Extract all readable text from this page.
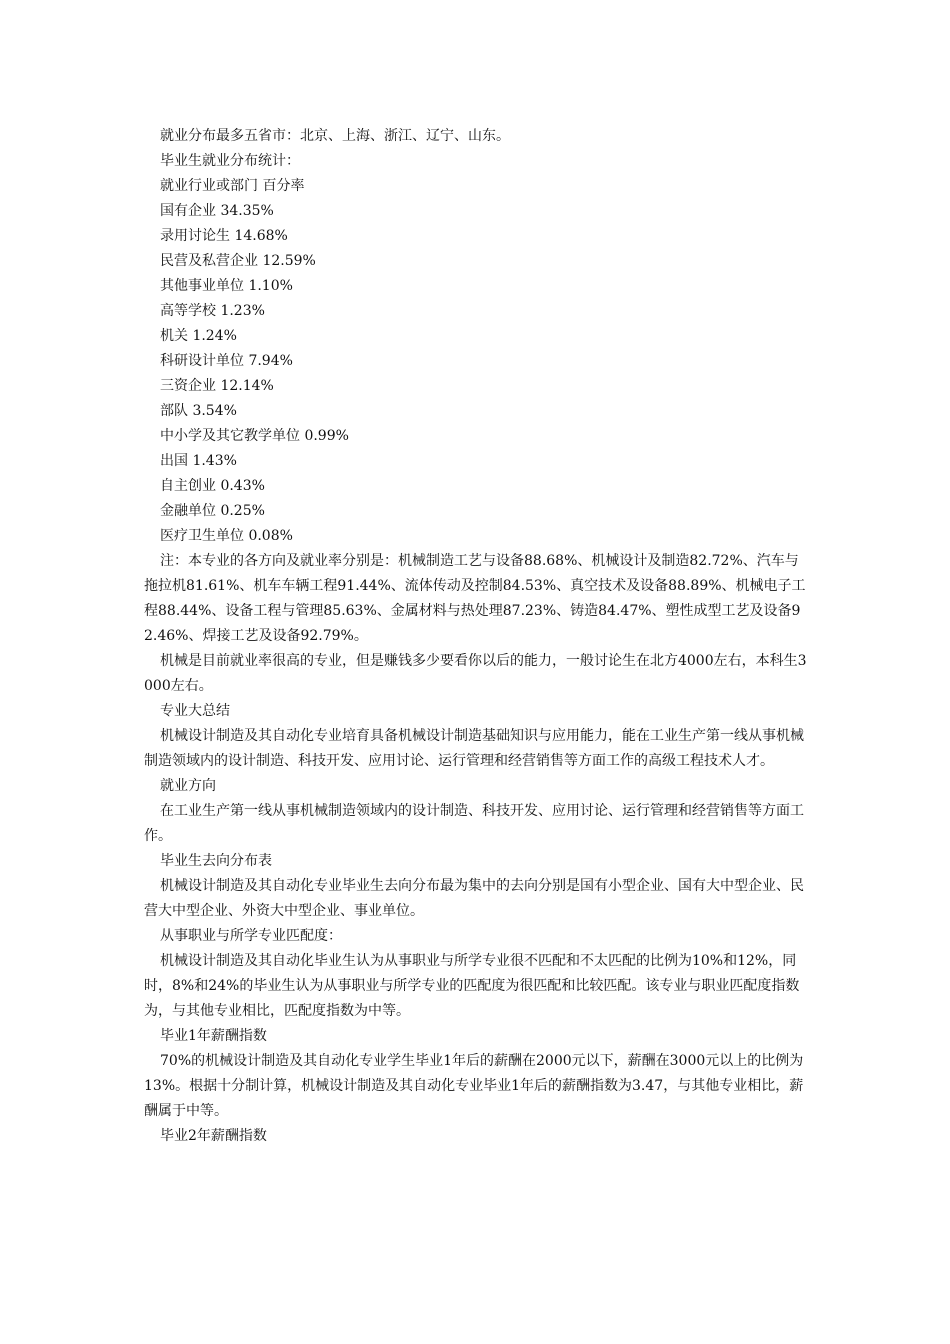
就业分布最多五省市：北京、上海、浙江、辽宁、山东。

毕业生就业分布统计：

就业行业或部门 百分率

国有企业 34.35%

录用讨论生 14.68%

民营及私营企业 12.59%

其他事业单位 1.10%

高等学校 1.23%

机关 1.24%

科研设计单位 7.94%

三资企业 12.14%

部队 3.54%

中小学及其它教学单位 0.99%

出国 1.43%

自主创业 0.43%

金融单位 0.25%

医疗卫生单位 0.08%

注：本专业的各方向及就业率分别是：机械制造工艺与设备88.68%、机械设计及制造82.72%、汽车与拖拉机81.61%、机车车辆工程91.44%、流体传动及控制84.53%、真空技术及设备88.89%、机械电子工程88.44%、设备工程与管理85.63%、金属材料与热处理87.23%、铸造84.47%、塑性成型工艺及设备92.46%、焊接工艺及设备92.79%。

机械是目前就业率很高的专业，但是赚钱多少要看你以后的能力，一般讨论生在北方4000左右，本科生3000左右。

专业大总结

机械设计制造及其自动化专业培育具备机械设计制造基础知识与应用能力，能在工业生产第一线从事机械制造领域内的设计制造、科技开发、应用讨论、运行管理和经营销售等方面工作的高级工程技术人才。

就业方向

在工业生产第一线从事机械制造领域内的设计制造、科技开发、应用讨论、运行管理和经营销售等方面工作。

毕业生去向分布表

机械设计制造及其自动化专业毕业生去向分布最为集中的去向分别是国有小型企业、国有大中型企业、民营大中型企业、外资大中型企业、事业单位。

从事职业与所学专业匹配度：

机械设计制造及其自动化毕业生认为从事职业与所学专业很不匹配和不太匹配的比例为10%和12%，同时，8%和24%的毕业生认为从事职业与所学专业的匹配度为很匹配和比较匹配。该专业与职业匹配度指数为，与其他专业相比，匹配度指数为中等。

毕业1年薪酬指数

70%的机械设计制造及其自动化专业学生毕业1年后的薪酬在2000元以下，薪酬在3000元以上的比例为13%。根据十分制计算，机械设计制造及其自动化专业毕业1年后的薪酬指数为3.47，与其他专业相比，薪酬属于中等。

毕业2年薪酬指数
